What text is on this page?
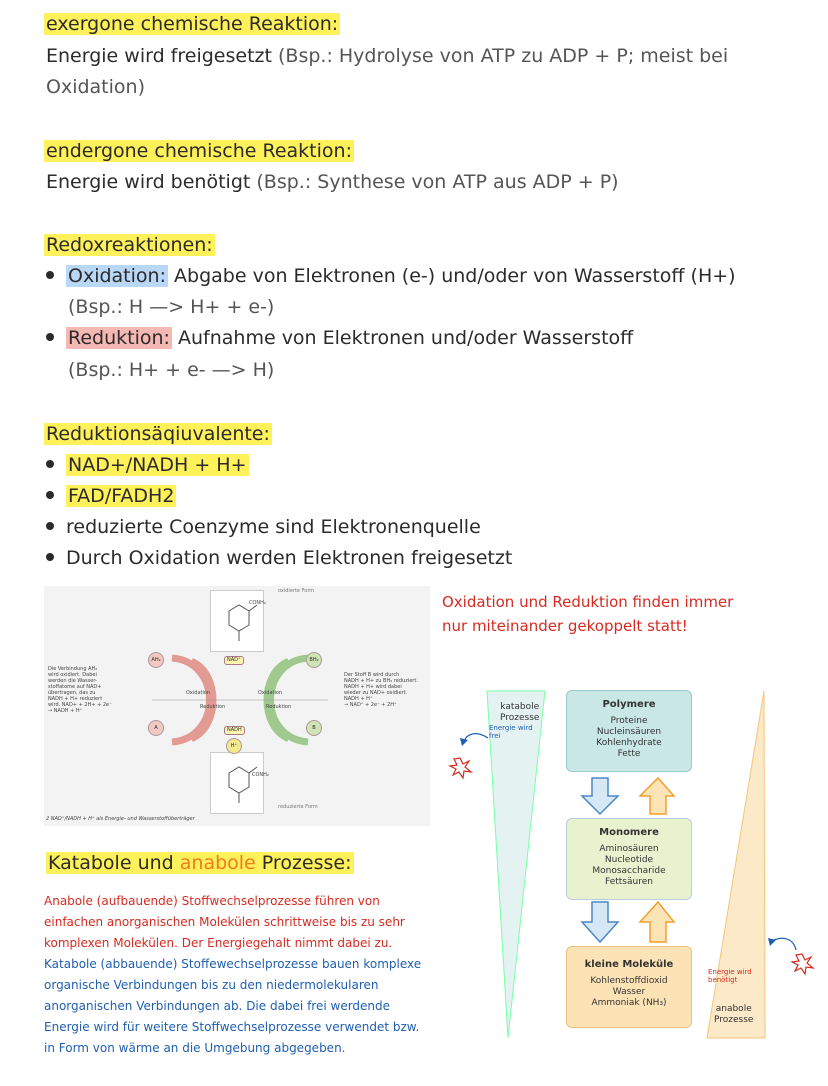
exergone chemische Reaktion:
Energie wird freigesetzt (Bsp.: Hydrolyse von ATP zu ADP + P; meist bei
Oxidation)
endergone chemische Reaktion:
Energie wird benötigt (Bsp.: Synthese von ATP aus ADP + P)
Redoxreaktionen:
Oxidation: Abgabe von Elektronen (e-) und/oder von Wasserstoff (H+)
(Bsp.: H —> H+ + e-)
Reduktion: Aufnahme von Elektronen und/oder Wasserstoff
(Bsp.: H+ + e- —> H)
Reduktionsäqiuvalente:
NAD+/NADH + H+
FAD/FADH2
reduzierte Coenzyme sind Elektronenquelle
Durch Oxidation werden Elektronen freigesetzt
CONH₂
oxidierte Form
CONH₂
reduzierte Form
Oxidation
Reduktion
Oxidation
Reduktion
NAD⁺
NADH
H⁺
AH₂
A
BH₂
B
Die Verbindung AH₂
wird oxidiert. Dabei
werden die Wasser-
stoffatome auf NAD+
übertragen, das zu
NADH + H+ reduziert
wird. NAD+ + 2H+ + 2e⁻
→ NADH + H⁺
Der Stoff B wird durch
NADH + H+ zu BH₂ reduziert.
NADH + H+ wird dabei
wieder zu NAD+ oxidiert.
NADH + H⁺
→ NAD⁺ + 2e⁻ + 2H⁺
2 NAD⁺/NADH + H⁺ als Energie- und Wasserstoffüberträger
Oxidation und Reduktion finden immer
nur miteinander gekoppelt statt!
Katabole und anabole Prozesse:
Anabole (aufbauende) Stoffwechselprozesse führen von
einfachen anorganischen Molekülen schrittweise bis zu sehr
komplexen Molekülen. Der Energiegehalt nimmt dabei zu.
Katabole (abbauende) Stoffewechselprozesse bauen komplexe
organische Verbindungen bis zu den niedermolekularen
anorganischen Verbindungen ab. Die dabei frei werdende
Energie wird für weitere Stoffwechselprozesse verwendet bzw.
in Form von wärme an die Umgebung abgegeben.
katabole
Prozesse
Energie wird
frei
Energie wird
benötigt
anabole
Prozesse
Polymere
Proteine
Nucleinsäuren
Kohlenhydrate
Fette
Monomere
Aminosäuren
Nucleotide
Monosaccharide
Fettsäuren
kleine Moleküle
Kohlenstoffdioxid
Wasser
Ammoniak (NH₃)
